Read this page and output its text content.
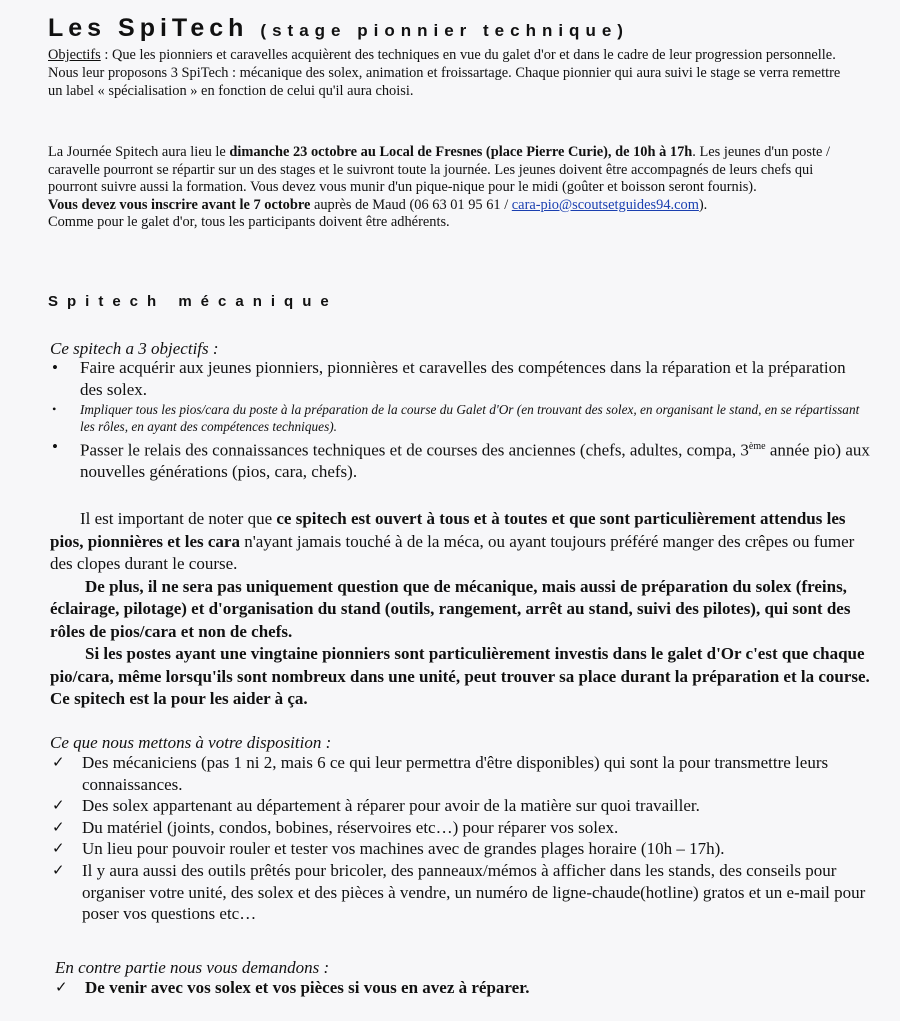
Les SpiTech (stage pionnier technique)

Objectifs : Que les pionniers et caravelles acquièrent des techniques en vue du galet d'or et dans le cadre de leur progression personnelle.

Nous leur proposons 3 SpiTech : mécanique des solex, animation et froissartage. Chaque pionnier qui aura suivi le stage se verra remettre un label « spécialisation » en fonction de celui qu'il aura choisi.

La Journée Spitech aura lieu le dimanche 23 octobre au Local de Fresnes (place Pierre Curie), de 10h à 17h. Les jeunes d'un poste / caravelle pourront se répartir sur un des stages et le suivront toute la journée. Les jeunes doivent être accompagnés de leurs chefs qui pourront suivre aussi la formation. Vous devez vous munir d'un pique-nique pour le midi (goûter et boisson seront fournis).

Vous devez vous inscrire avant le 7 octobre auprès de Maud (06 63 01 95 61 / cara-pio@scoutsetguides94.com).

Comme pour le galet d'or, tous les participants doivent être adhérents.

Spitech mécanique
Ce spitech a 3 objectifs :
• Faire acquérir aux jeunes pionniers, pionnières et caravelles des compétences dans la réparation et la préparation des solex.
• Impliquer tous les pios/cara du poste à la préparation de la course du Galet d'Or (en trouvant des solex, en organisant le stand, en se répartissant les rôles, en ayant des compétences techniques).
• Passer le relais des connaissances techniques et de courses des anciennes (chefs, adultes, compa, 3ème année pio) aux nouvelles générations (pios, cara, chefs).

Il est important de noter que ce spitech est ouvert à tous et à toutes et que sont particulièrement attendus les pios, pionnières et les cara n'ayant jamais touché à de la méca, ou ayant toujours préféré manger des crêpes ou fumer des clopes durant le course.

De plus, il ne sera pas uniquement question que de mécanique, mais aussi de préparation du solex (freins, éclairage, pilotage) et d'organisation du stand (outils, rangement, arrêt au stand, suivi des pilotes), qui sont des rôles de pios/cara et non de chefs.

Si les postes ayant une vingtaine pionniers sont particulièrement investis dans le galet d'Or c'est que chaque pio/cara, même lorsqu'ils sont nombreux dans une unité, peut trouver sa place durant la préparation et la course. Ce spitech est la pour les aider à ça.

Ce que nous mettons à votre disposition :
✓ Des mécaniciens (pas 1 ni 2, mais 6 ce qui leur permettra d'être disponibles) qui sont la pour transmettre leurs connaissances.
✓ Des solex appartenant au département à réparer pour avoir de la matière sur quoi travailler.
✓ Du matériel (joints, condos, bobines, réservoires etc…) pour réparer vos solex.
✓ Un lieu pour pouvoir rouler et tester vos machines avec de grandes plages horaire (10h – 17h).
✓ Il y aura aussi des outils prêtés pour bricoler, des panneaux/mémos à afficher dans les stands, des conseils pour organiser votre unité, des solex et des pièces à vendre, un numéro de ligne-chaude(hotline) gratos et un e-mail pour poser vos questions etc…
En contre partie nous vous demandons :
✓ De venir avec vos solex et vos pièces si vous en avez à réparer.
